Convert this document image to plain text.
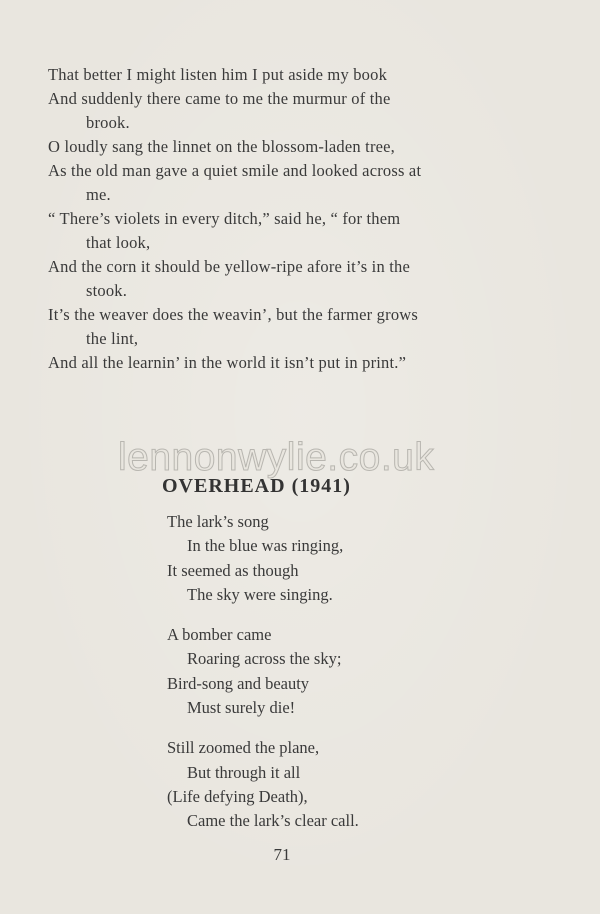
That better I might listen him I put aside my book
And suddenly there came to me the murmur of the
brook.
O loudly sang the linnet on the blossom-laden tree,
As the old man gave a quiet smile and looked across at
me.
“ There’s violets in every ditch,” said he, “ for them
that look,
And the corn it should be yellow-ripe afore it’s in the
stook.
It’s the weaver does the weavin’, but the farmer grows
the lint,
And all the learnin’ in the world it isn’t put in print.”
lennonwylie.co.uk
OVERHEAD (1941)
The lark’s song
In the blue was ringing,
It seemed as though
The sky were singing.
A bomber came
Roaring across the sky;
Bird-song and beauty
Must surely die!
Still zoomed the plane,
But through it all
(Life defying Death),
Came the lark’s clear call.
71
